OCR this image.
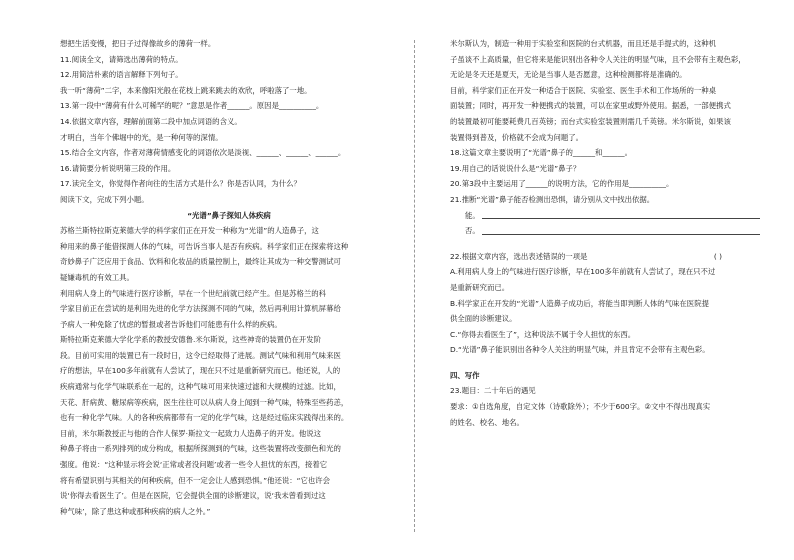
想把生活变慢，把日子过得像故乡的薄荷一样。
11.阅读全文，请筛选出薄荷的特点。
12.用简洁朴素的语言解释下列句子。
我一听“薄荷”二字，本来像阳光般在花枝上跳来跳去的欢欣，呼啦落了一地。
13.第一段中“薄荷有什么可稀罕的呢？”意思是作者______。原因是__________。
14.依据文章内容，理解前面第二段中加点词语的含义。
才明白，当年个佛堀中的光，是一种何等的深情。
15.结合全文内容，作者对薄荷情感变化的词语依次是淡视、______、______、______。
16.请简要分析说明第三段的作用。
17.读完全文，你觉得作者向往的生活方式是什么？你是否认同，为什么？
阅读下文，完成下列小题。
“光谱”鼻子探知人体疾病
苏格兰斯特拉斯克莱德大学的科学家们正在开发一种称为“光谱”的人造鼻子，这
种用来的鼻子能借探测人体的气味，可告诉当事人是否有疾病。科学家们正在探索将这种
奇妙鼻子广泛应用于食品、饮料和化妆品的质量控制上，最终让其成为一种交警测试可
疑嫌毒机的有效工具。
利用病人身上的气味进行医疗诊断，早在一个世纪前就已经产生。但是苏格兰的科
学家目前正在尝试的是利用先进的化学方法探测不同的气味，然后再利用计算机屏幕给
予病人一种免除了忧虑的暂报或者告诉他们可能患有什么样的疾病。
斯特拉斯克莱德大学化学系的教授安德鲁.米尔斯说，这些神奇的装置仍在开发阶
段。目前可实用的装置已有一段时日，这令已经取得了进展。测试气味和利用气味来医
疗的想法，早在100多年前就有人尝试了，现在只不过是重新研究而已。他还说，人的
疾病通常与化学气味联系在一起的，这种气味可用来快速过滤和大规模的过滤。比如，
天花、肝病黄、糖尿病等疾病，医生往往可以从病人身上闻到一种气味，特殊至些药恙，
也有一种化学气味。人的各种疾病都带有一定的化学气味，这是经过临床实践得出来的。
目前，米尔斯教授正与他的合作人保罗·斯拉文一起致力人造鼻子的开发。他说这
种鼻子将由一系列排列的成分构成，根据所探测到的气味，这些装置将改变颜色和光的
强度。他说：“这种显示将会说‘正常或者没问题’或者一些令人担忧的东西，接着它
将有希望识别与其相关的何种疾病，但不一定会让人感到恐惧。”他还说：“它也许会
说‘你得去看医生了’。但是在医院，它会提供全面的诊断建议，说‘我未曾看到过这
种气味’，除了患这种或那种疾病的病人之外。”
米尔斯认为，制造一种用于实验室和医院的台式机器，而且还是手提式的，这种机
子虽谈不上高质量，但它将来是能识别出各种令人关注的明显气味，且不会带有主观色彩，
无论是冬天还是夏天，无论是当事人是否愿意，这种检测都将是准确的。
目前，科学家们正在开发一种适合于医院、实验室、医生手术和工作场所的一种桌
面装置；同时，再开发一种便携式的装置，可以在家里或野外使用。据悉，一部便携式
的装置最初可能要耗费几百英镑；而台式实验室装置则需几千英镑。米尔斯说，如果该
装置得到普及，价格就不会成为问题了。
18.这篇文章主要说明了“光谱”鼻子的______和______。
19.用自己的话说说什么是“光谱”鼻子？
20.第3段中主要运用了______的说明方法，它的作用是__________。
21.推断“光谱”鼻子能否检测出恐惧，请分别从文中找出依据。
能。
否。
22.根据文章内容，选出表述错误的一项是	( )
A.利用病人身上的气味进行医疗诊断，早在100多年前就有人尝试了，现在只不过
是重新研究而已。
B.科学家正在开发的“光谱”人造鼻子成功后，将能当即判断人体的气味在医院提
供全面的诊断建议。
C.“你得去看医生了”，这种说法不属于令人担忧的东西。
D.“光谱”鼻子能识别出各种令人关注的明显气味，并且肯定不会带有主观色彩。
四、写作
23.题目：二十年后的遇见
要求：①自选角度，自定文体（诗歌除外）；不少于600字。②文中不得出现真实
的姓名、校名、地名。
